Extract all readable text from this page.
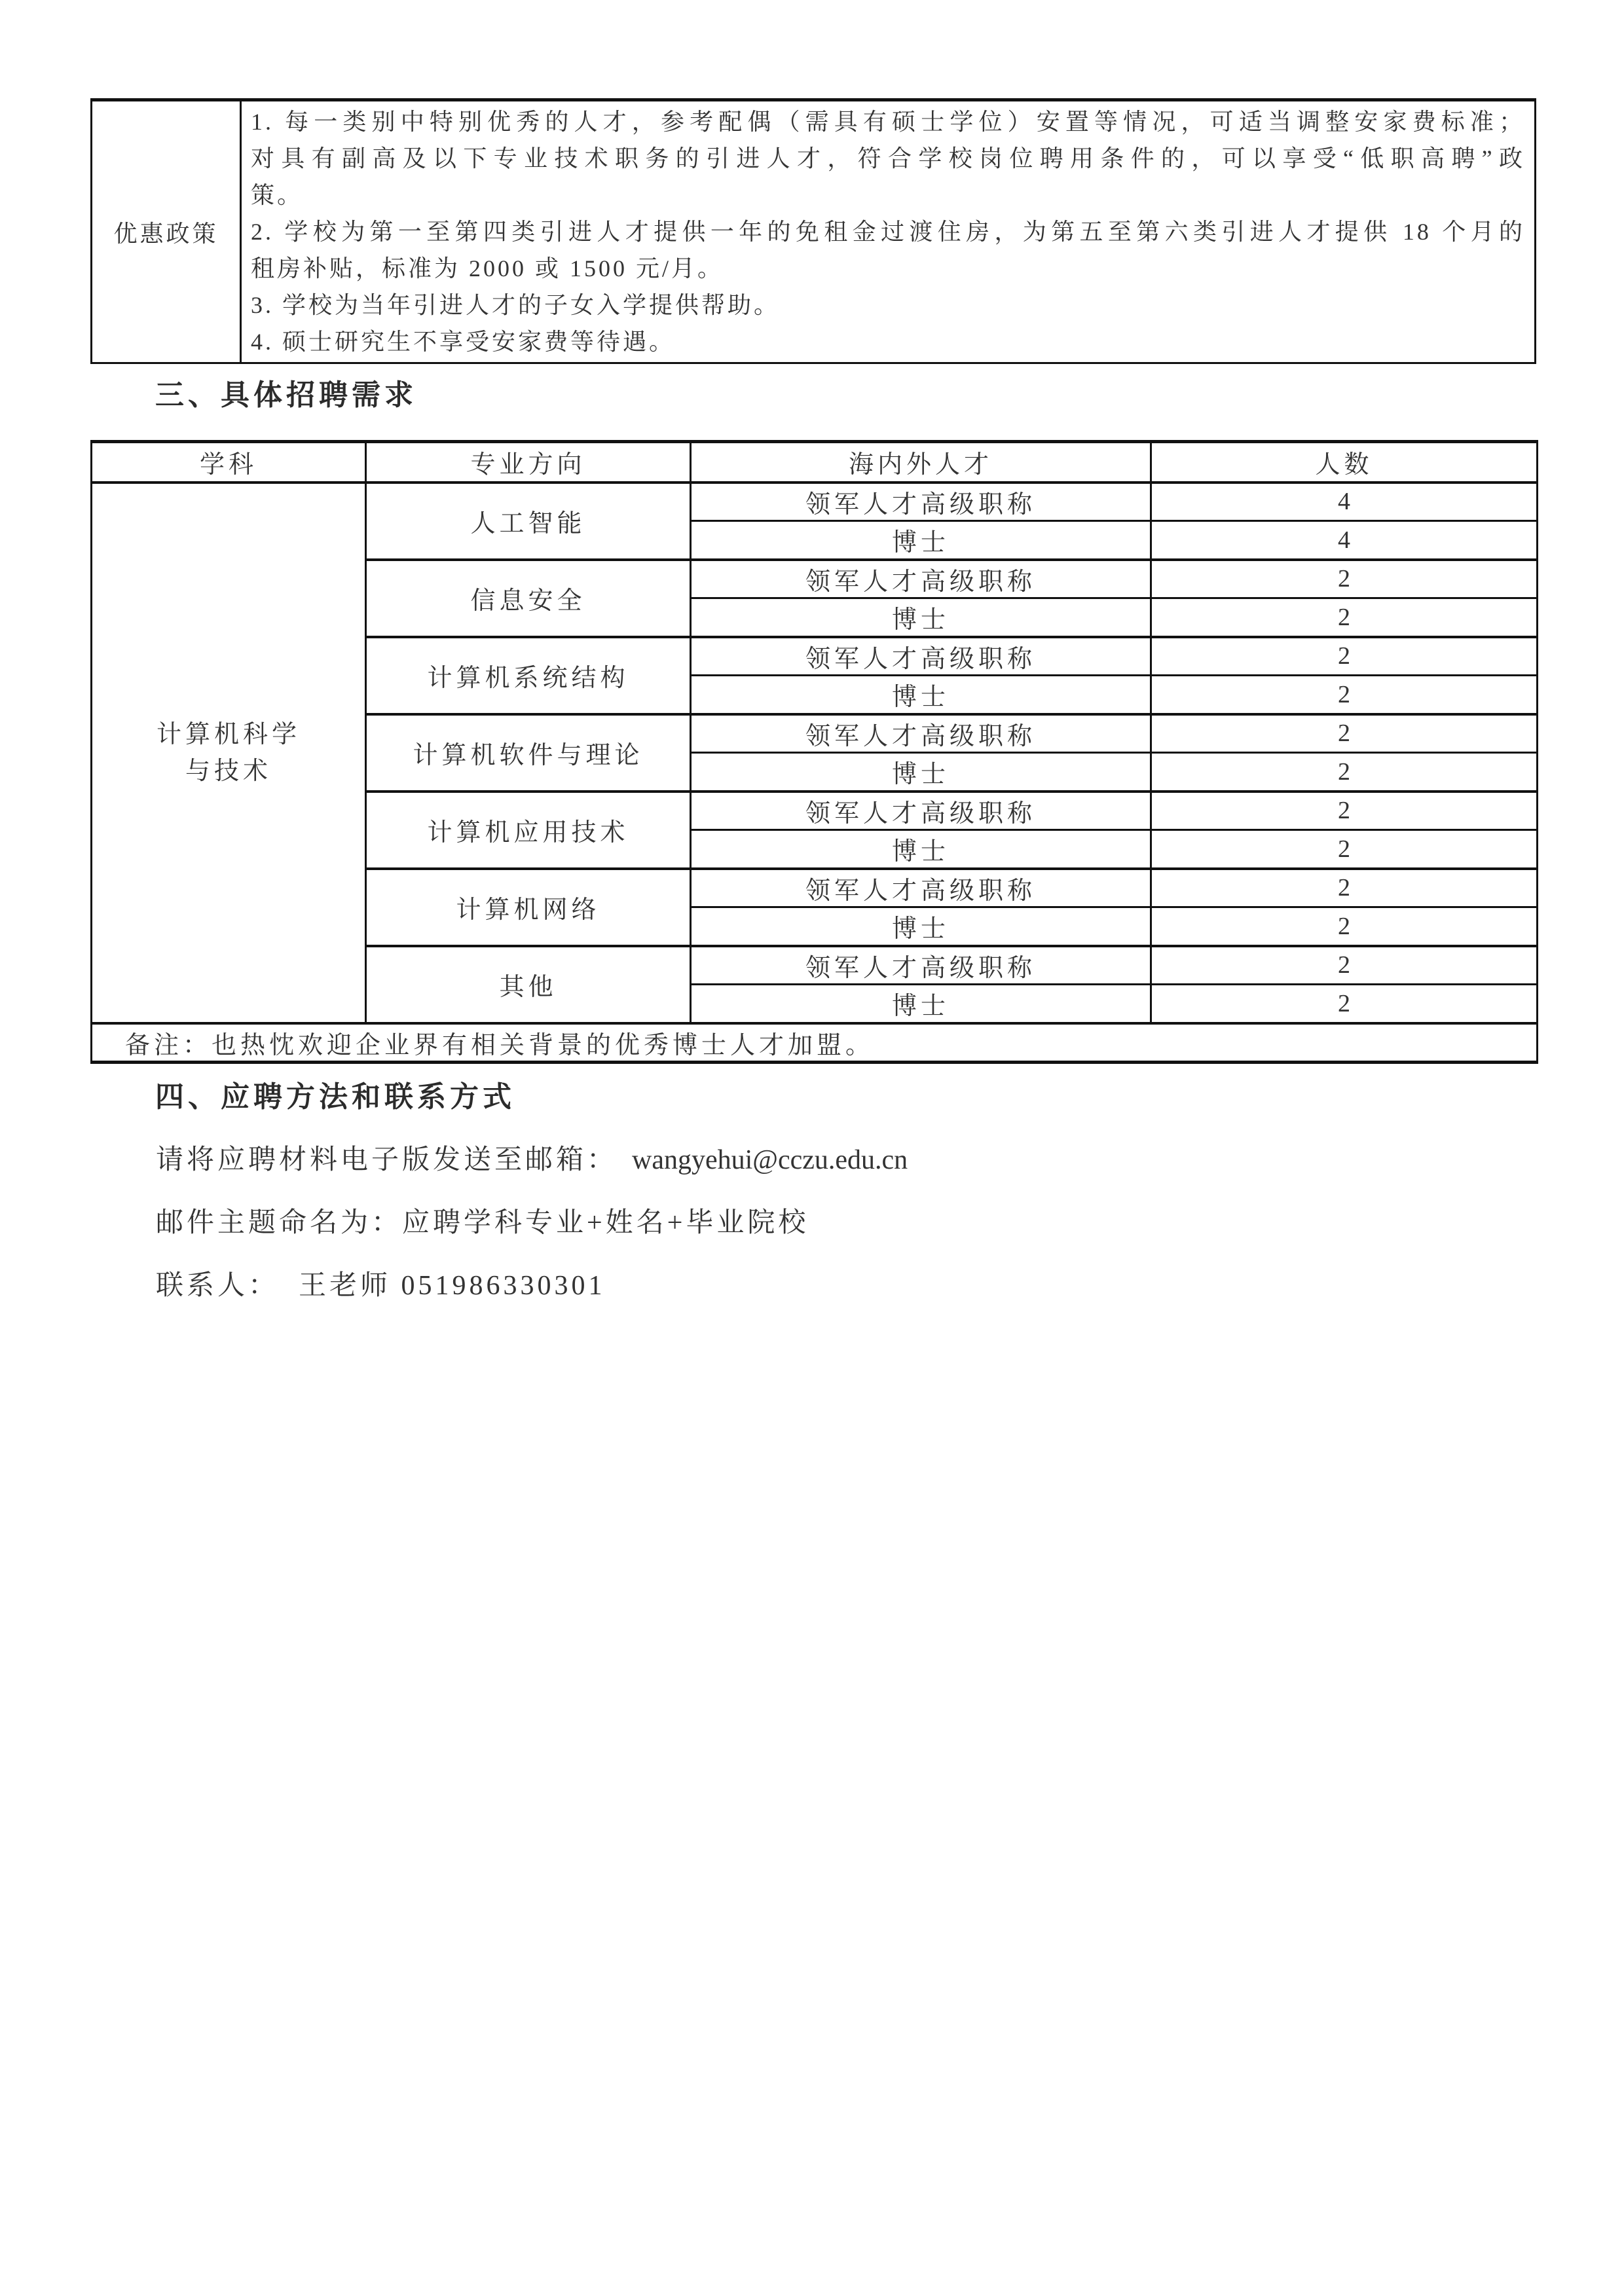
优惠政策
1. 每一类别中特别优秀的人才，参考配偶（需具有硕士学位）安置等情况，可适当调整安家费标准；
对具有副高及以下专业技术职务的引进人才，符合学校岗位聘用条件的，可以享受“低职高聘”政
策。
2. 学校为第一至第四类引进人才提供一年的免租金过渡住房，为第五至第六类引进人才提供 18 个月的
租房补贴，标准为 2000 或 1500 元/月。
3. 学校为当年引进人才的子女入学提供帮助。
4. 硕士研究生不享受安家费等待遇。
三、具体招聘需求
学科	专业方向	海内外人才	人数

计算机科学
与技术	人工智能	领军人才高级职称	4
		博士	4
	信息安全	领军人才高级职称	2
		博士	2
	计算机系统结构	领军人才高级职称	2
		博士	2
	计算机软件与理论	领军人才高级职称	2
		博士	2
	计算机应用技术	领军人才高级职称	2
		博士	2
	计算机网络	领军人才高级职称	2
		博士	2
	其他	领军人才高级职称	2
		博士	2
备注：也热忱欢迎企业界有相关背景的优秀博士人才加盟。			
四、应聘方法和联系方式
请将应聘材料电子版发送至邮箱： wangyehui@cczu.edu.cn
邮件主题命名为：应聘学科专业+姓名+毕业院校
联系人： 王老师 051986330301
